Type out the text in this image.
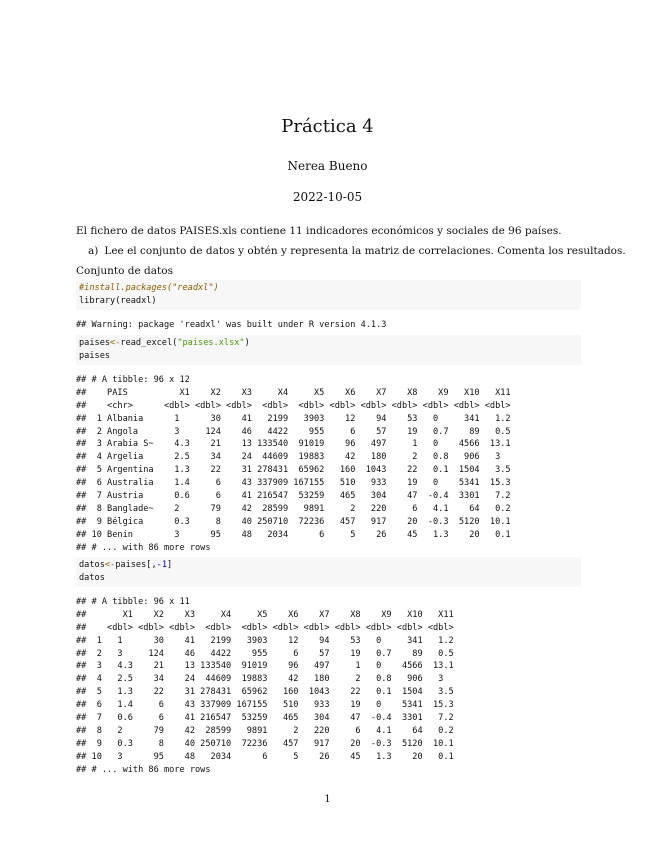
Práctica 4
Nerea Bueno
2022-10-05
El fichero de datos PAISES.xls contiene 11 indicadores económicos y sociales de 96 países.
a) Lee el conjunto de datos y obtén y representa la matriz de correlaciones. Comenta los resultados.
Conjunto de datos
#install.packages("readxl")
library(readxl)
## Warning: package 'readxl' was built under R version 4.1.3
paises<-read_excel("paises.xlsx")
paises
## # A tibble: 96 x 12
##    PAIS          X1    X2    X3     X4     X5    X6    X7    X8    X9   X10   X11
##    <chr>      <dbl> <dbl> <dbl>  <dbl>  <dbl> <dbl> <dbl> <dbl> <dbl> <dbl> <dbl>
##  1 Albania      1      30    41   2199   3903    12    94    53   0     341   1.2
##  2 Angola       3     124    46   4422    955     6    57    19   0.7    89   0.5
##  3 Arabia S~    4.3    21    13 133540  91019    96   497     1   0    4566  13.1
##  4 Argelia      2.5    34    24  44609  19883    42   180     2   0.8   906   3
##  5 Argentina    1.3    22    31 278431  65962   160  1043    22   0.1  1504   3.5
##  6 Australia    1.4     6    43 337909 167155   510   933    19   0    5341  15.3
##  7 Austria      0.6     6    41 216547  53259   465   304    47  -0.4  3301   7.2
##  8 Banglade~    2      79    42  28599   9891     2   220     6   4.1    64   0.2
##  9 Bélgica      0.3     8    40 250710  72236   457   917    20  -0.3  5120  10.1
## 10 Benin        3      95    48   2034      6     5    26    45   1.3    20   0.1
## # ... with 86 more rows
datos<-paises[,-1]
datos
## # A tibble: 96 x 11
##       X1    X2    X3     X4     X5    X6    X7    X8    X9   X10   X11
##    <dbl> <dbl> <dbl>  <dbl>  <dbl> <dbl> <dbl> <dbl> <dbl> <dbl> <dbl>
##  1   1      30    41   2199   3903    12    94    53   0     341   1.2
##  2   3     124    46   4422    955     6    57    19   0.7    89   0.5
##  3   4.3    21    13 133540  91019    96   497     1   0    4566  13.1
##  4   2.5    34    24  44609  19883    42   180     2   0.8   906   3
##  5   1.3    22    31 278431  65962   160  1043    22   0.1  1504   3.5
##  6   1.4     6    43 337909 167155   510   933    19   0    5341  15.3
##  7   0.6     6    41 216547  53259   465   304    47  -0.4  3301   7.2
##  8   2      79    42  28599   9891     2   220     6   4.1    64   0.2
##  9   0.3     8    40 250710  72236   457   917    20  -0.3  5120  10.1
## 10   3      95    48   2034      6     5    26    45   1.3    20   0.1
## # ... with 86 more rows
1
